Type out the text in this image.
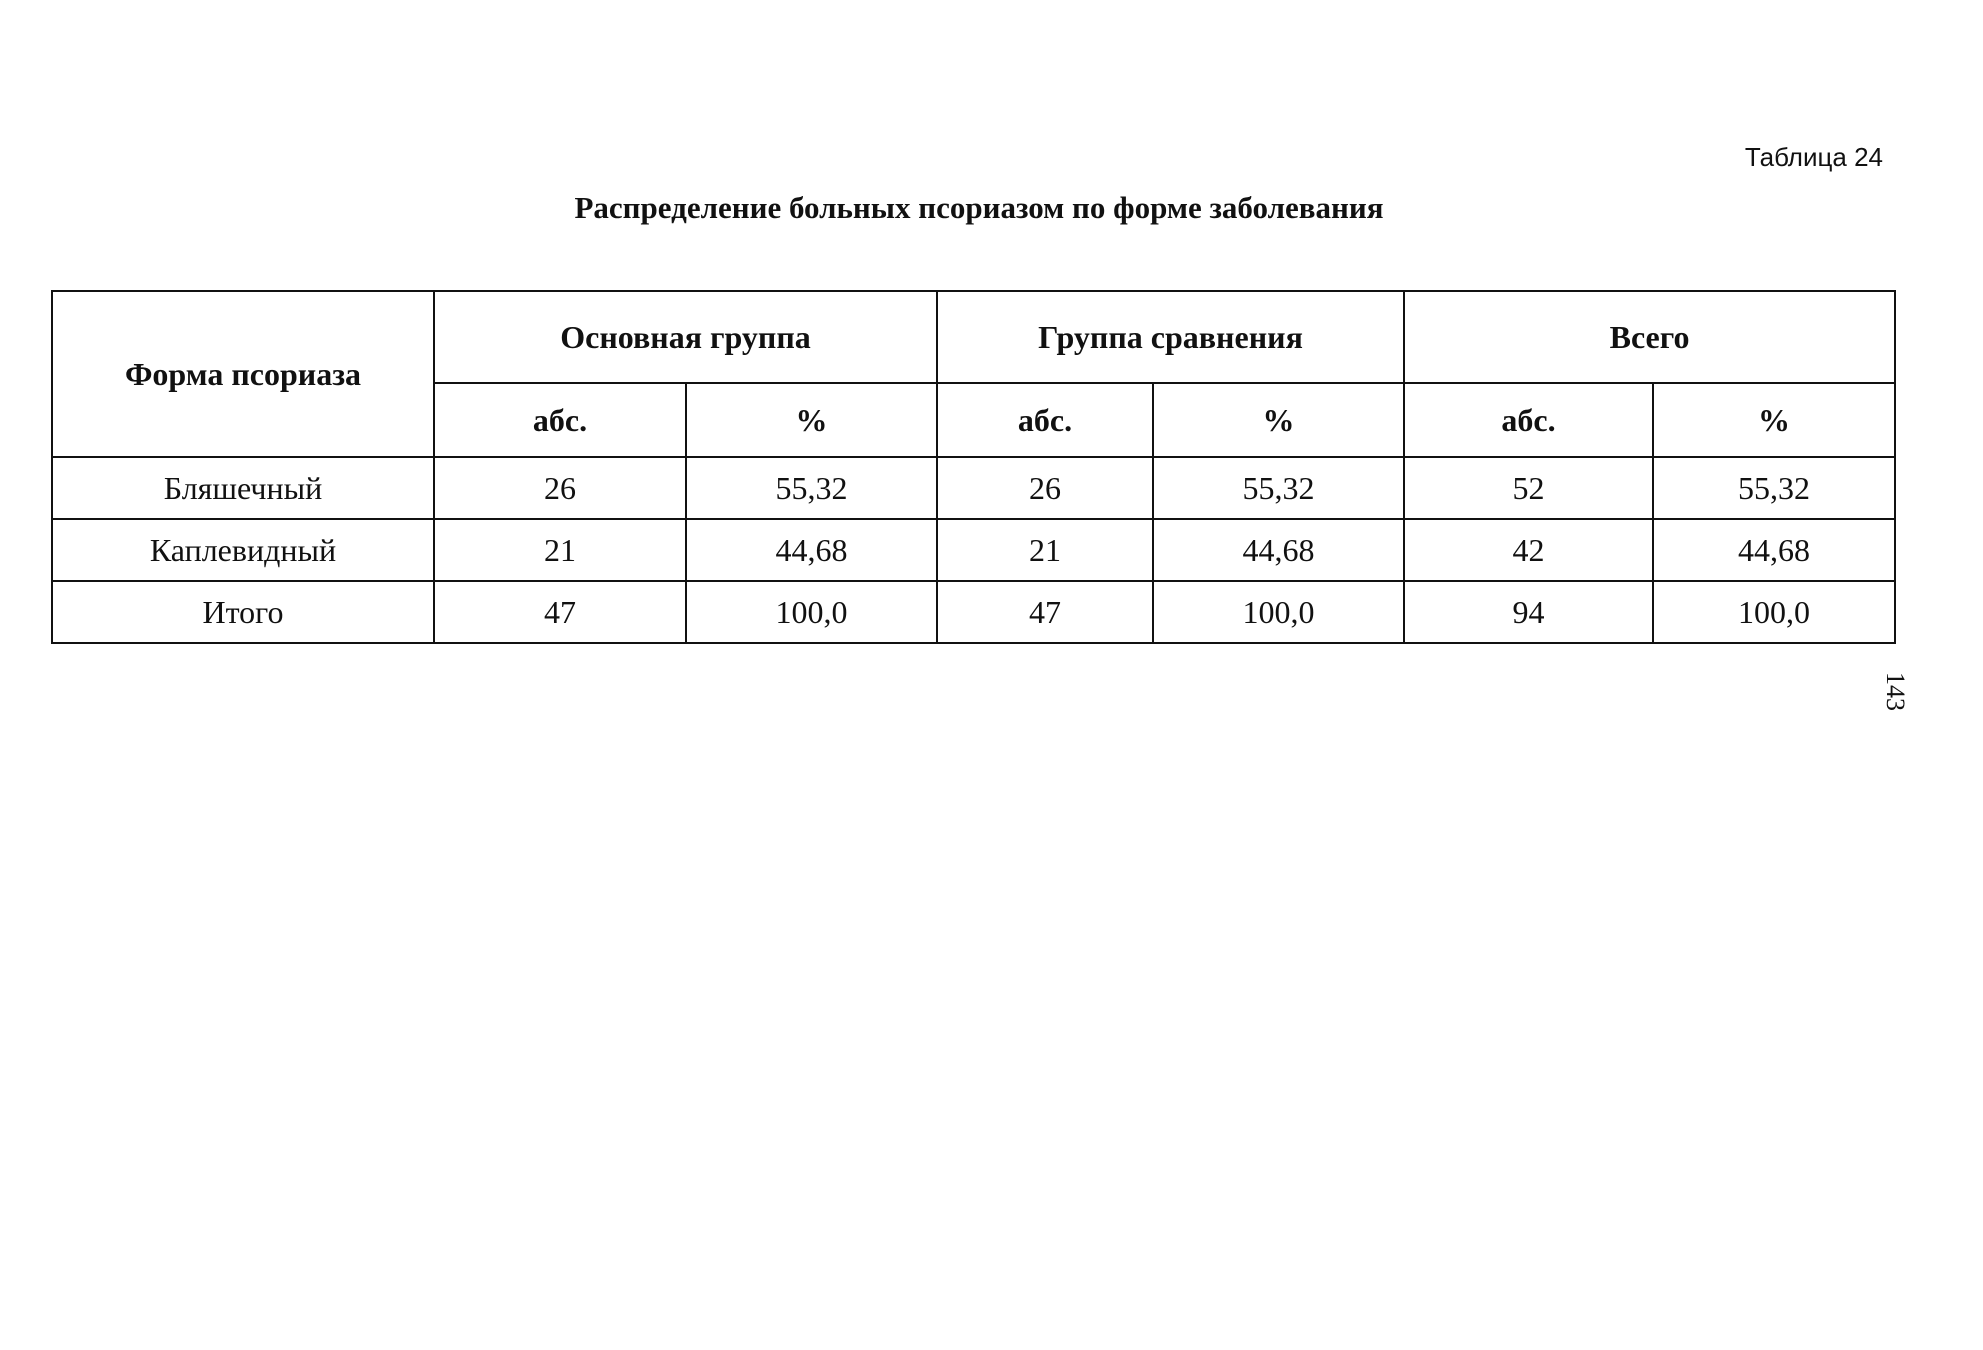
Таблица 24
Распределение больных псориазом по форме заболевания
Форма псориаза	Основная группа		Группа сравнения		Всего	
	абс.	%	абс.	%	абс.	%
Бляшечный	26	55,32	26	55,32	52	55,32
Каплевидный	21	44,68	21	44,68	42	44,68
Итого	47	100,0	47	100,0	94	100,0
143
